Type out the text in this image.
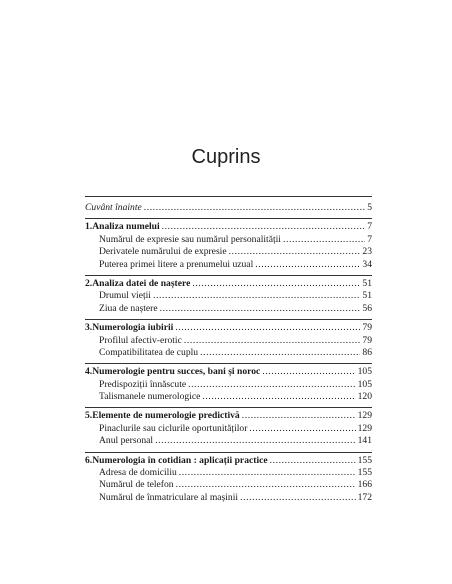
Cuprins
Cuvânt înainte .....	5
1. Analiza numelui .....	7
Numărul de expresie sau numărul personalității .....	7
Derivatele numărului de expresie .....	23
Puterea primei litere a prenumelui uzual .....	34
2. Analiza datei de naștere .....	51
Drumul vieții .....	51
Ziua de naștere .....	56
3. Numerologia iubirii .....	79
Profilul afectiv-erotic .....	79
Compatibilitatea de cuplu .....	86
4. Numerologie pentru succes, bani și noroc .....	105
Predispoziții înnăscute .....	105
Talismanele numerologice .....	120
5. Elemente de numerologie predictivă .....	129
Pinaclurile sau ciclurile oportunităților .....	129
Anul personal .....	141
6. Numerologia în cotidian : aplicații practice .....	155
Adresa de domiciliu .....	155
Numărul de telefon .....	166
Numărul de înmatriculare al mașinii .....	172
